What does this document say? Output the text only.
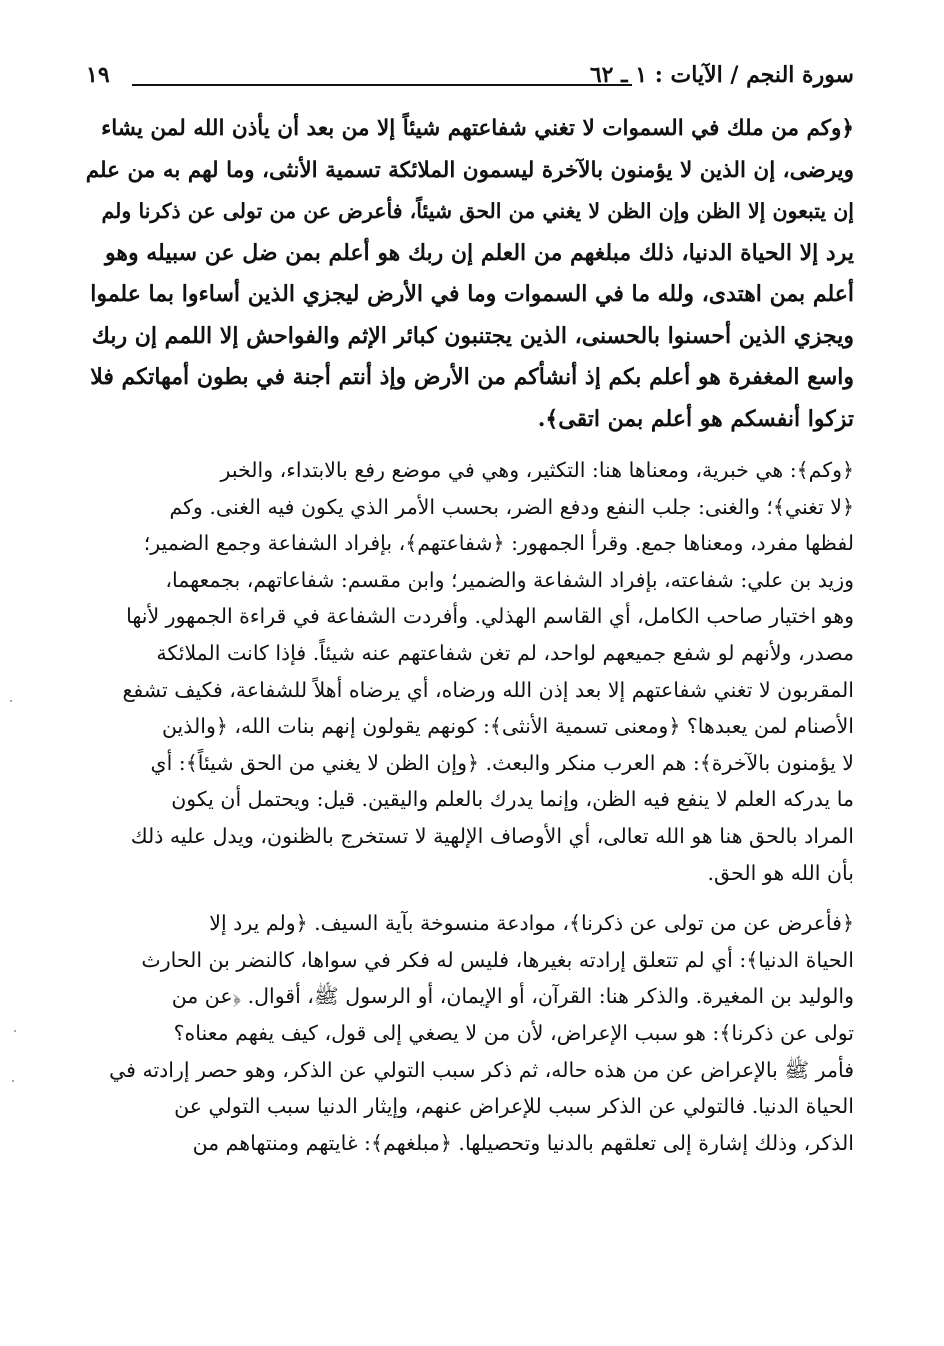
سورة النجم / الآيات : ١ ـ ٦٢
١٩
﴿وكم من ملك في السموات لا تغني شفاعتهم شيئاً إلا من بعد أن يأذن الله لمن يشاء
ويرضى، إن الذين لا يؤمنون بالآخرة ليسمون الملائكة تسمية الأنثى، وما لهم به من علم
إن يتبعون إلا الظن وإن الظن لا يغني من الحق شيئاً، فأعرض عن من تولى عن ذكرنا ولم
يرد إلا الحياة الدنيا، ذلك مبلغهم من العلم إن ربك هو أعلم بمن ضل عن سبيله وهو
أعلم بمن اهتدى، ولله ما في السموات وما في الأرض ليجزي الذين أساءوا بما علموا
ويجزي الذين أحسنوا بالحسنى، الذين يجتنبون كبائر الإثم والفواحش إلا اللمم إن ربك
واسع المغفرة هو أعلم بكم إذ أنشأكم من الأرض وإذ أنتم أجنة في بطون أمهاتكم فلا
تزكوا أنفسكم هو أعلم بمن اتقى﴾.
﴿وكم﴾: هي خبرية، ومعناها هنا: التكثير، وهي في موضع رفع بالابتداء، والخبر
﴿لا تغني﴾؛ والغنى: جلب النفع ودفع الضر، بحسب الأمر الذي يكون فيه الغنى. وكم
لفظها مفرد، ومعناها جمع. وقرأ الجمهور: ﴿شفاعتهم﴾، بإفراد الشفاعة وجمع الضمير؛
وزيد بن علي: شفاعته، بإفراد الشفاعة والضمير؛ وابن مقسم: شفاعاتهم، بجمعهما،
وهو اختيار صاحب الكامل، أي القاسم الهذلي. وأفردت الشفاعة في قراءة الجمهور لأنها
مصدر، ولأنهم لو شفع جميعهم لواحد، لم تغن شفاعتهم عنه شيئاً. فإذا كانت الملائكة
المقربون لا تغني شفاعتهم إلا بعد إذن الله ورضاه، أي يرضاه أهلاً للشفاعة، فكيف تشفع
الأصنام لمن يعبدها؟ ﴿ومعنى تسمية الأنثى﴾: كونهم يقولون إنهم بنات الله، ﴿والذين
لا يؤمنون بالآخرة﴾: هم العرب منكر والبعث. ﴿وإن الظن لا يغني من الحق شيئاً﴾: أي
ما يدركه العلم لا ينفع فيه الظن، وإنما يدرك بالعلم واليقين. قيل: ويحتمل أن يكون
المراد بالحق هنا هو الله تعالى، أي الأوصاف الإلهية لا تستخرج بالظنون، ويدل عليه ذلك
بأن الله هو الحق.
﴿فأعرض عن من تولى عن ذكرنا﴾، موادعة منسوخة بآية السيف. ﴿ولم يرد إلا
الحياة الدنيا﴾: أي لم تتعلق إرادته بغيرها، فليس له فكر في سواها، كالنضر بن الحارث
والوليد بن المغيرة. والذكر هنا: القرآن، أو الإيمان، أو الرسول ﷺ، أقوال. ﴿عن من
تولى عن ذكرنا﴾: هو سبب الإعراض، لأن من لا يصغي إلى قول، كيف يفهم معناه؟
فأمر ﷺ بالإعراض عن من هذه حاله، ثم ذكر سبب التولي عن الذكر، وهو حصر إرادته في
الحياة الدنيا. فالتولي عن الذكر سبب للإعراض عنهم، وإيثار الدنيا سبب التولي عن
الذكر، وذلك إشارة إلى تعلقهم بالدنيا وتحصيلها. ﴿مبلغهم﴾: غايتهم ومنتهاهم من
